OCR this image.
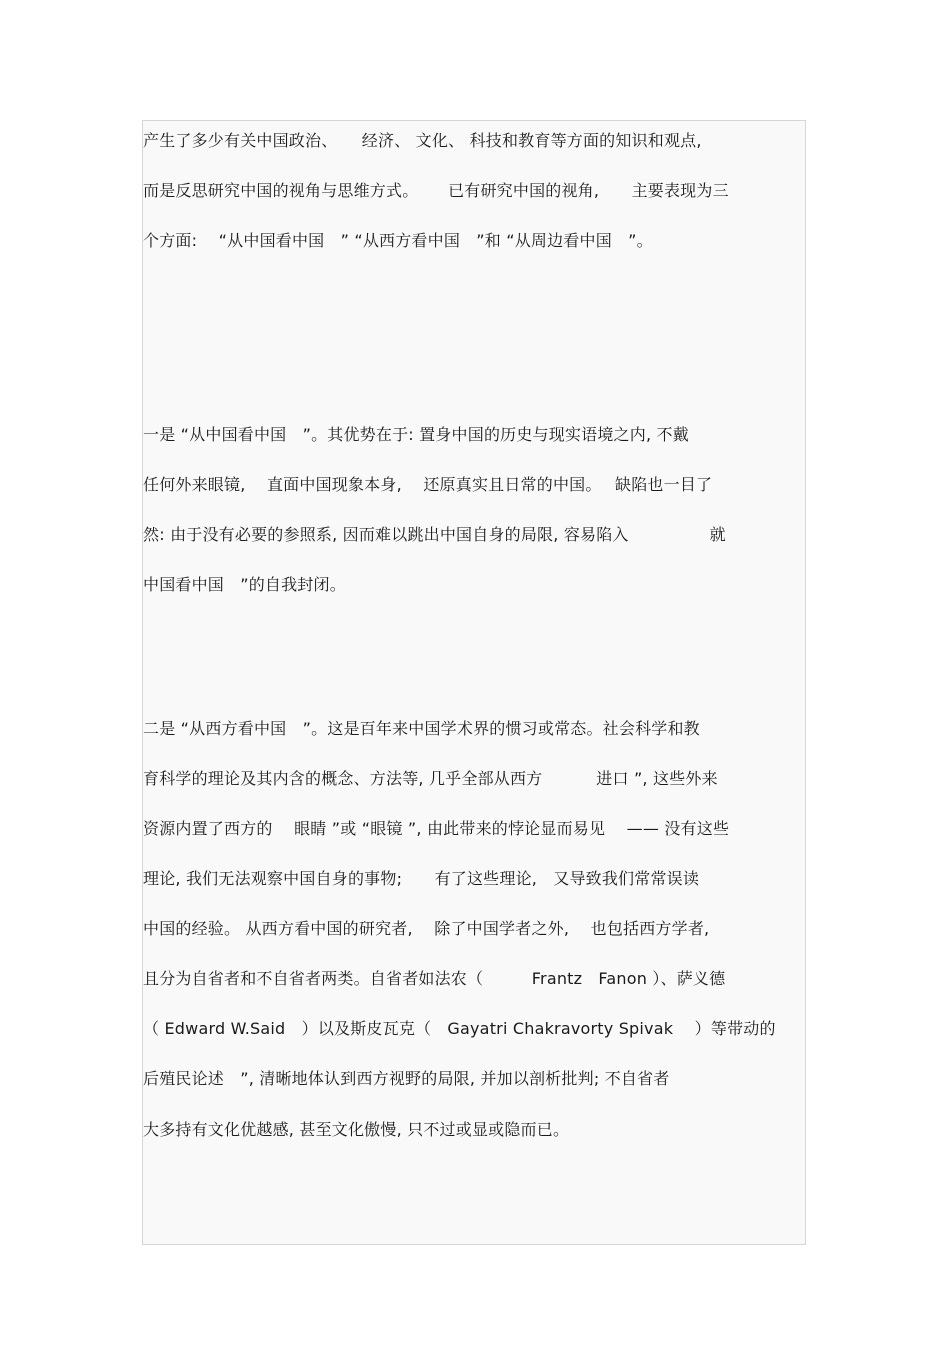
产生了多少有关中国政治、　　经济、 文化、 科技和教育等方面的知识和观点,
而是反思研究中国的视角与思维方式。　　 已有研究中国的视角,　　主要表现为三
个方面:　 “从中国看中国　” “从西方看中国　”和 “从周边看中国　”。
一是 “从中国看中国　”。其优势在于: 置身中国的历史与现实语境之内, 不戴
任何外来眼镜,　 直面中国现象本身,　 还原真实且日常的中国。　 缺陷也一目了
然: 由于没有必要的参照系, 因而难以跳出中国自身的局限, 容易陷入　　　　　就
中国看中国　”的自我封闭。
二是 “从西方看中国　”。这是百年来中国学术界的惯习或常态。社会科学和教
育科学的理论及其内含的概念、方法等, 几乎全部从西方　　　 进口 ”, 这些外来
资源内置了西方的　 眼睛 ”或 “眼镜 ”, 由此带来的悖论显而易见　 —— 没有这些
理论, 我们无法观察中国自身的事物;　　有了这些理论,　又导致我们常常误读
中国的经验。 从西方看中国的研究者,　 除了中国学者之外,　 也包括西方学者,
且分为自省者和不自省者两类。自省者如法农（　　　Frantz　Fanon ）、萨义德
（ Edward W.Said　）以及斯皮瓦克（　Gayatri Chakravorty Spivak　 ）等带动的
后殖民论述　”, 清晰地体认到西方视野的局限, 并加以剖析批判; 不自省者
大多持有文化优越感, 甚至文化傲慢, 只不过或显或隐而已。
